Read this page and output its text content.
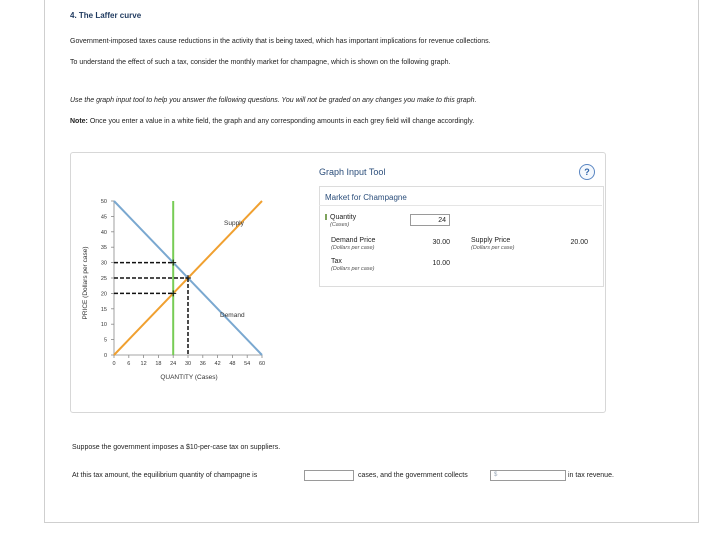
4. The Laffer curve
Government-imposed taxes cause reductions in the activity that is being taxed, which has important implications for revenue collections.
To understand the effect of such a tax, consider the monthly market for champagne, which is shown on the following graph.
Use the graph input tool to help you answer the following questions. You will not be graded on any changes you make to this graph.
Note: Once you enter a value in a white field, the graph and any corresponding amounts in each grey field will change accordingly.
0
5
10
15
20
25
30
35
40
45
50
0 6 12 18 24 30 36 42 48 54 60
PRICE (Dollars per case)
QUANTITY (Cases)
Supply
Demand
Graph Input Tool	?
Market for Champagne
Quantity
(Cases)
24
Demand Price
(Dollars per case)
30.00	Supply Price
(Dollars per case)
20.00
Tax
(Dollars per case)
10.00
Suppose the government imposes a $10-per-case tax on suppliers.
At this tax amount, the equilibrium quantity of champagne is	cases, and the government collects	$	in tax revenue.
